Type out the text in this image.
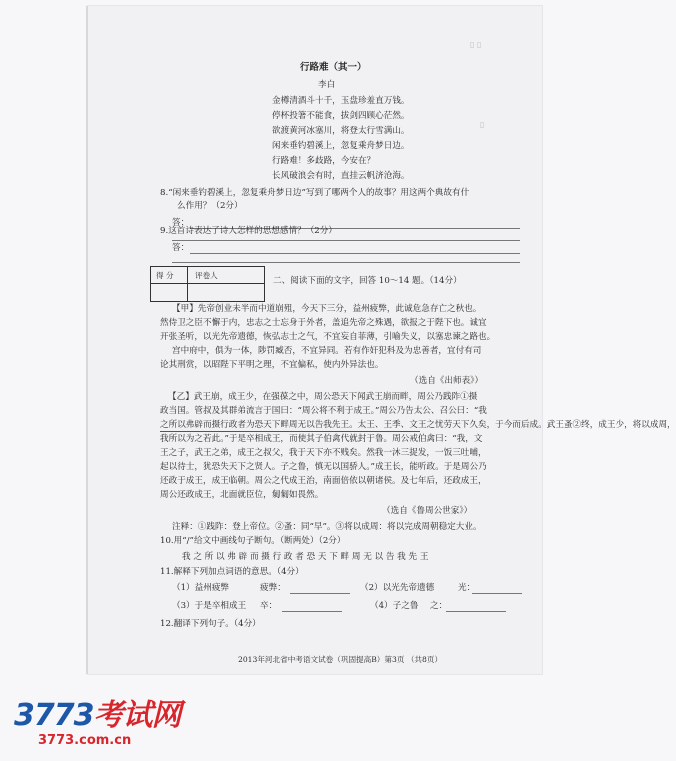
▯ ▯
▯
行路难（其一）
李白
金樽清酒斗十千，玉盘珍羞直万钱。
停杯投箸不能食，拔剑四顾心茫然。
欲渡黄河冰塞川，将登太行雪满山。
闲来垂钓碧溪上，忽复乘舟梦日边。
行路难！多歧路，今安在？
长风破浪会有时，直挂云帆济沧海。
8.“闲来垂钓碧溪上，忽复乘舟梦日边”写到了哪两个人的故事？用这两个典故有什
么作用？（2分）
答：
9.这首诗表达了诗人怎样的思想感情？（2分）
答：
得 分	评卷人
二、阅读下面的文字，回答 10～14 题。（14分）
【甲】先帝创业未半而中道崩殂，今天下三分，益州疲弊，此诚危急存亡之秋也。
然侍卫之臣不懈于内，忠志之士忘身于外者，盖追先帝之殊遇，欲报之于陛下也。诚宜
开张圣听，以光先帝遗德，恢弘志士之气，不宜妄自菲薄，引喻失义，以塞忠谏之路也。
宫中府中，俱为一体，陟罚臧否，不宜异同。若有作奸犯科及为忠善者，宜付有司
论其刑赏，以昭陛下平明之理，不宜偏私，使内外异法也。
（选自《出师表》）
【乙】武王崩，成王少，在强葆之中，周公恐天下闻武王崩而畔，周公乃践阼①摄
政当国。管叔及其群弟流言于国曰：“周公将不利于成王。”周公乃告太公、召公曰：“我
之所以弗辟而摄行政者为恐天下畔周无以告我先王。太王、王季、文王之忧劳天下久矣，于今而后成。武王蚤②终，成王少，将以成周，
我所以为之若此。”于是卒相成王，而使其子伯禽代就封于鲁。周公戒伯禽曰：“我，文
王之子，武王之弟，成王之叔父，我于天下亦不贱矣。然我一沐三捉发，一饭三吐哺，
起以待士，犹恐失天下之贤人。子之鲁，慎无以国骄人。”成王长，能听政。于是周公乃
还政于成王，成王临朝。周公之代成王治，南面倍依以朝诸侯。及七年后，还政成王，
周公还政成王，北面就臣位，匔匔如畏然。
（选自《鲁周公世家》）
注释：①践阼：登上帝位。②蚤：同“早”。③将以成周：将以完成周朝稳定大业。
10.用“/”给文中画线句子断句。（断两处）（2分）
我 之 所 以 弗 辟 而 摄 行 政 者 恐 天 下 畔 周 无 以 告 我 先 王
11.解释下列加点词语的意思。（4分）
（1）益州疲弊	疲弊：	（2）以光先帝遗德	光：
（3）于是卒相成王 卒：	（4）子之鲁 之：
12.翻译下列句子。（4分）
2013年河北省中考语文试卷（巩固提高B）第3页 （共8页）
3773考试网
3773.com.cn
